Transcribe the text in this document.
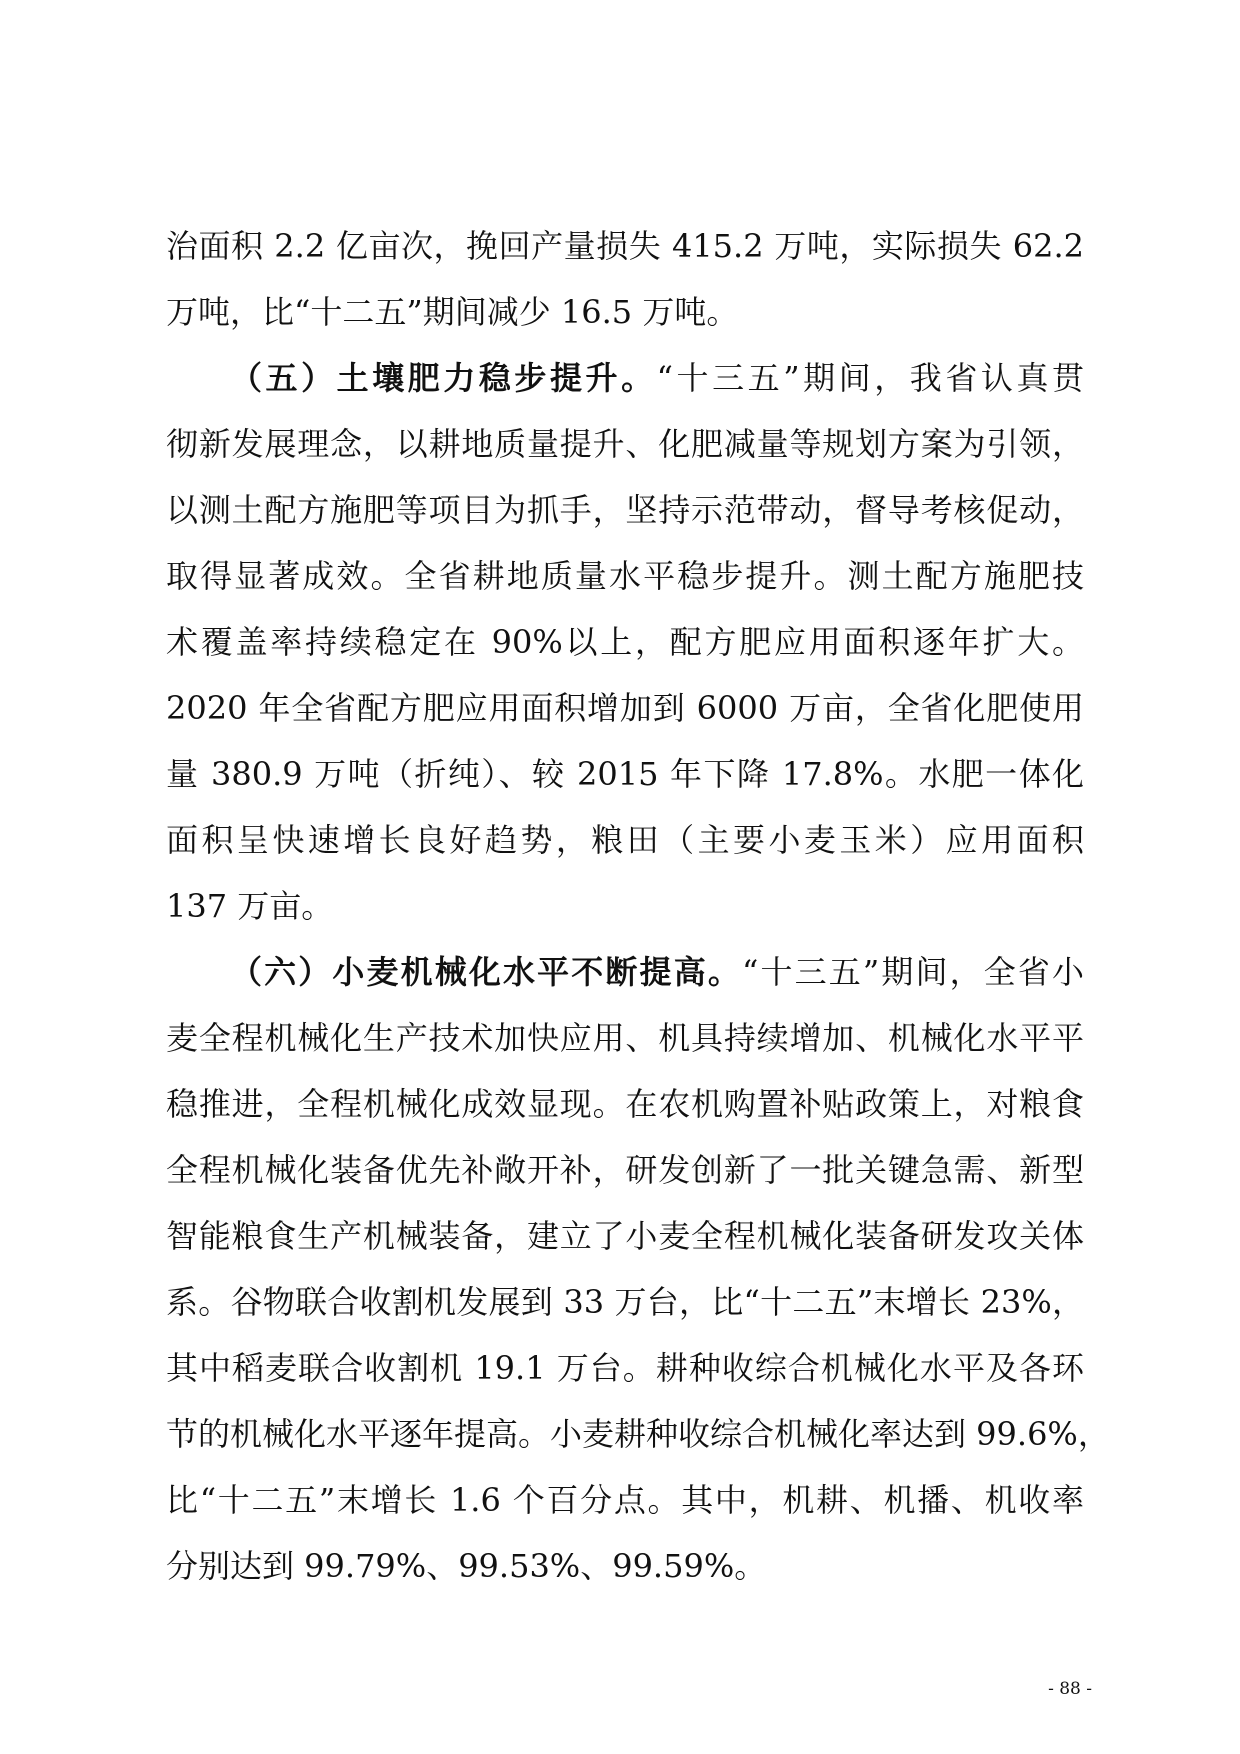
治面积 2.2 亿亩次，挽回产量损失 415.2 万吨，实际损失 62.2
万吨，比“十二五”期间减少 16.5 万吨。
（五）土壤肥力稳步提升。“十三五”期间，我省认真贯
彻新发展理念，以耕地质量提升、化肥减量等规划方案为引领，
以测土配方施肥等项目为抓手，坚持示范带动，督导考核促动，
取得显著成效。全省耕地质量水平稳步提升。测土配方施肥技
术覆盖率持续稳定在 90%以上，配方肥应用面积逐年扩大。
2020 年全省配方肥应用面积增加到 6000 万亩，全省化肥使用
量 380.9 万吨（折纯）、较 2015 年下降 17.8%。水肥一体化
面积呈快速增长良好趋势，粮田（主要小麦玉米）应用面积
137 万亩。
（六）小麦机械化水平不断提高。“十三五”期间，全省小
麦全程机械化生产技术加快应用、机具持续增加、机械化水平平
稳推进，全程机械化成效显现。在农机购置补贴政策上，对粮食
全程机械化装备优先补敞开补，研发创新了一批关键急需、新型
智能粮食生产机械装备，建立了小麦全程机械化装备研发攻关体
系。谷物联合收割机发展到 33 万台，比“十二五”末增长 23%，
其中稻麦联合收割机 19.1 万台。耕种收综合机械化水平及各环
节的机械化水平逐年提高。小麦耕种收综合机械化率达到 99.6%，
比“十二五”末增长 1.6 个百分点。其中，机耕、机播、机收率
分别达到 99.79%、99.53%、99.59%。
- 88 -
